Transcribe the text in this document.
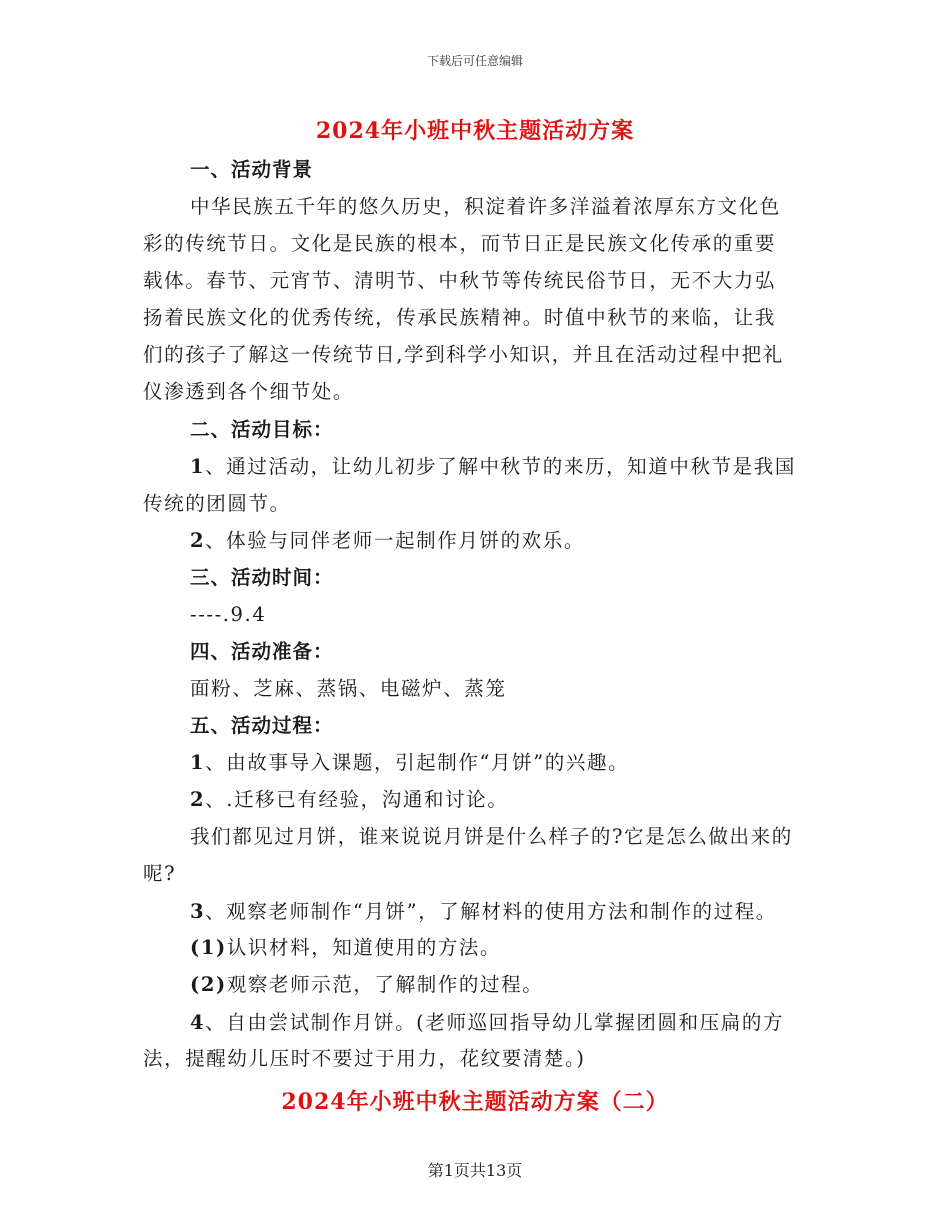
下载后可任意编辑
2024年小班中秋主题活动方案
一、活动背景
中华民族五千年的悠久历史，积淀着许多洋溢着浓厚东方文化色
彩的传统节日。文化是民族的根本，而节日正是民族文化传承的重要
载体。春节、元宵节、清明节、中秋节等传统民俗节日，无不大力弘
扬着民族文化的优秀传统，传承民族精神。时值中秋节的来临，让我
们的孩子了解这一传统节日,学到科学小知识，并且在活动过程中把礼
仪渗透到各个细节处。
二、活动目标：
1、通过活动，让幼儿初步了解中秋节的来历，知道中秋节是我国
传统的团圆节。
2、体验与同伴老师一起制作月饼的欢乐。
三、活动时间：
----.9.4
四、活动准备：
面粉、芝麻、蒸锅、电磁炉、蒸笼
五、活动过程：
1、由故事导入课题，引起制作“月饼”的兴趣。
2、.迁移已有经验，沟通和讨论。
我们都见过月饼，谁来说说月饼是什么样子的?它是怎么做出来的
呢?
3、观察老师制作“月饼”，了解材料的使用方法和制作的过程。
(1)认识材料，知道使用的方法。
(2)观察老师示范，了解制作的过程。
4、自由尝试制作月饼。(老师巡回指导幼儿掌握团圆和压扁的方
法，提醒幼儿压时不要过于用力，花纹要清楚。)
2024年小班中秋主题活动方案（二）
第1页共13页
